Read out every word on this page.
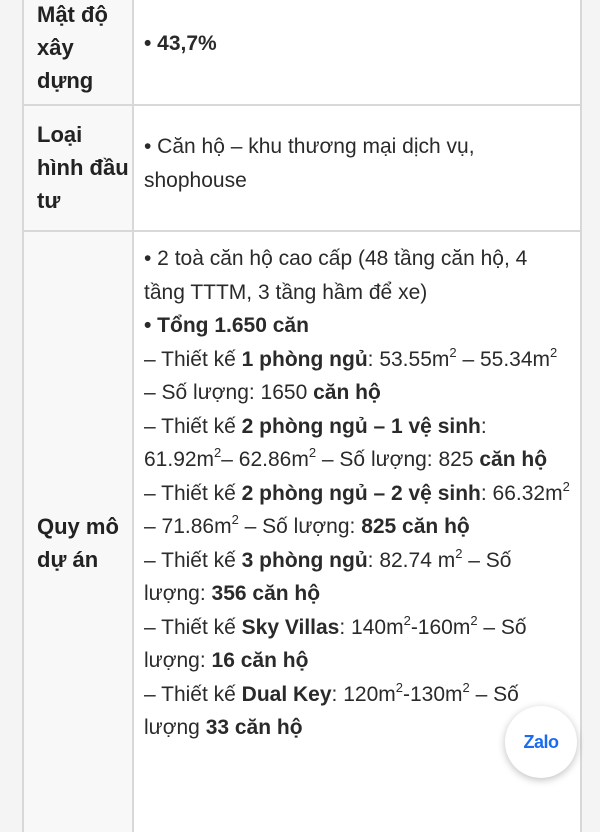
Mật độ xây dựng
• 43,7%
Loại hình đầu tư
• Căn hộ – khu thương mại dịch vụ, shophouse
Quy mô dự án

• 2 toà căn hộ cao cấp (48 tầng căn hộ, 4 tầng TTTM, 3 tầng hầm để xe)

• Tổng 1.650 căn

– Thiết kế 1 phòng ngủ: $53.55m^2 - 55.34m^2$ – Số lượng: 1650 căn hộ

– Thiết kế 2 phòng ngủ – 1 vệ sinh: $61.92m^2-$ $62.86m^2$ – Số lượng: 825 căn hộ

– Thiết kế 2 phòng ngủ – 2 vệ sinh: $66.32m^2 - 71.86m^2$ – Số lượng: 825 căn hộ

– Thiết kế 3 phòng ngủ: 82.74 $m^2$ – Số lượng: 356 căn hộ

– Thiết kế Sky Villas: $140m^2-160m^2$ – Số lượng: 16 căn hộ

– Thiết kế Dual Key: $120m^2-130m^2$ – Số lượng 33 căn hộ

Zalo
